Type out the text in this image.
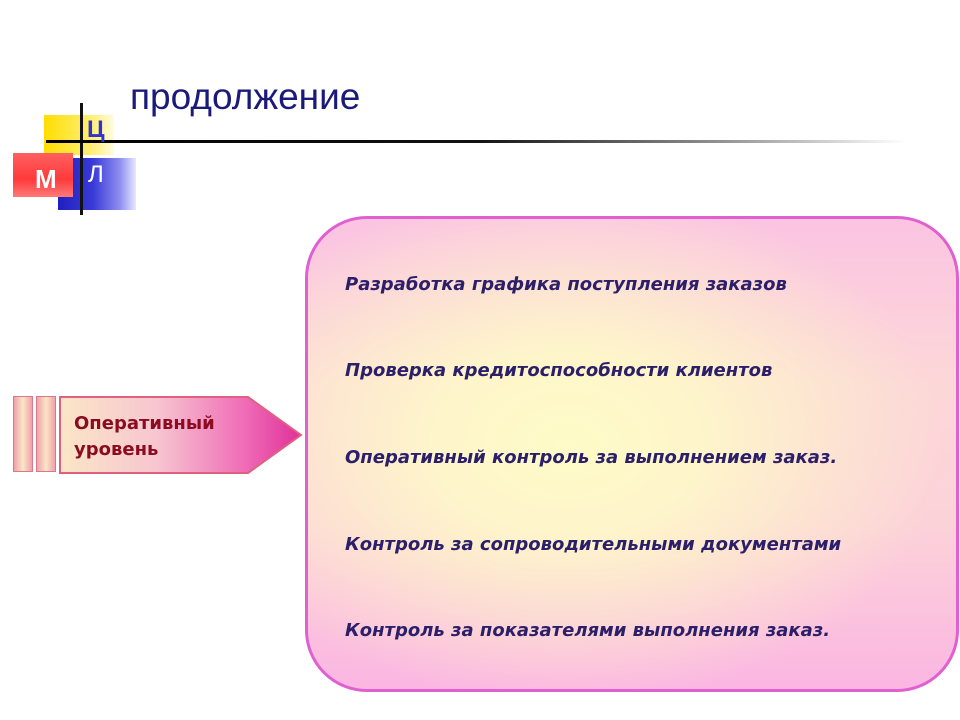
Ц
Л
М
продолжение
Оперативный
уровень
Разработка графика поступления заказов
Проверка кредитоспособности клиентов
Оперативный контроль за выполнением заказ.
Контроль за сопроводительными документами
Контроль за показателями выполнения заказ.
